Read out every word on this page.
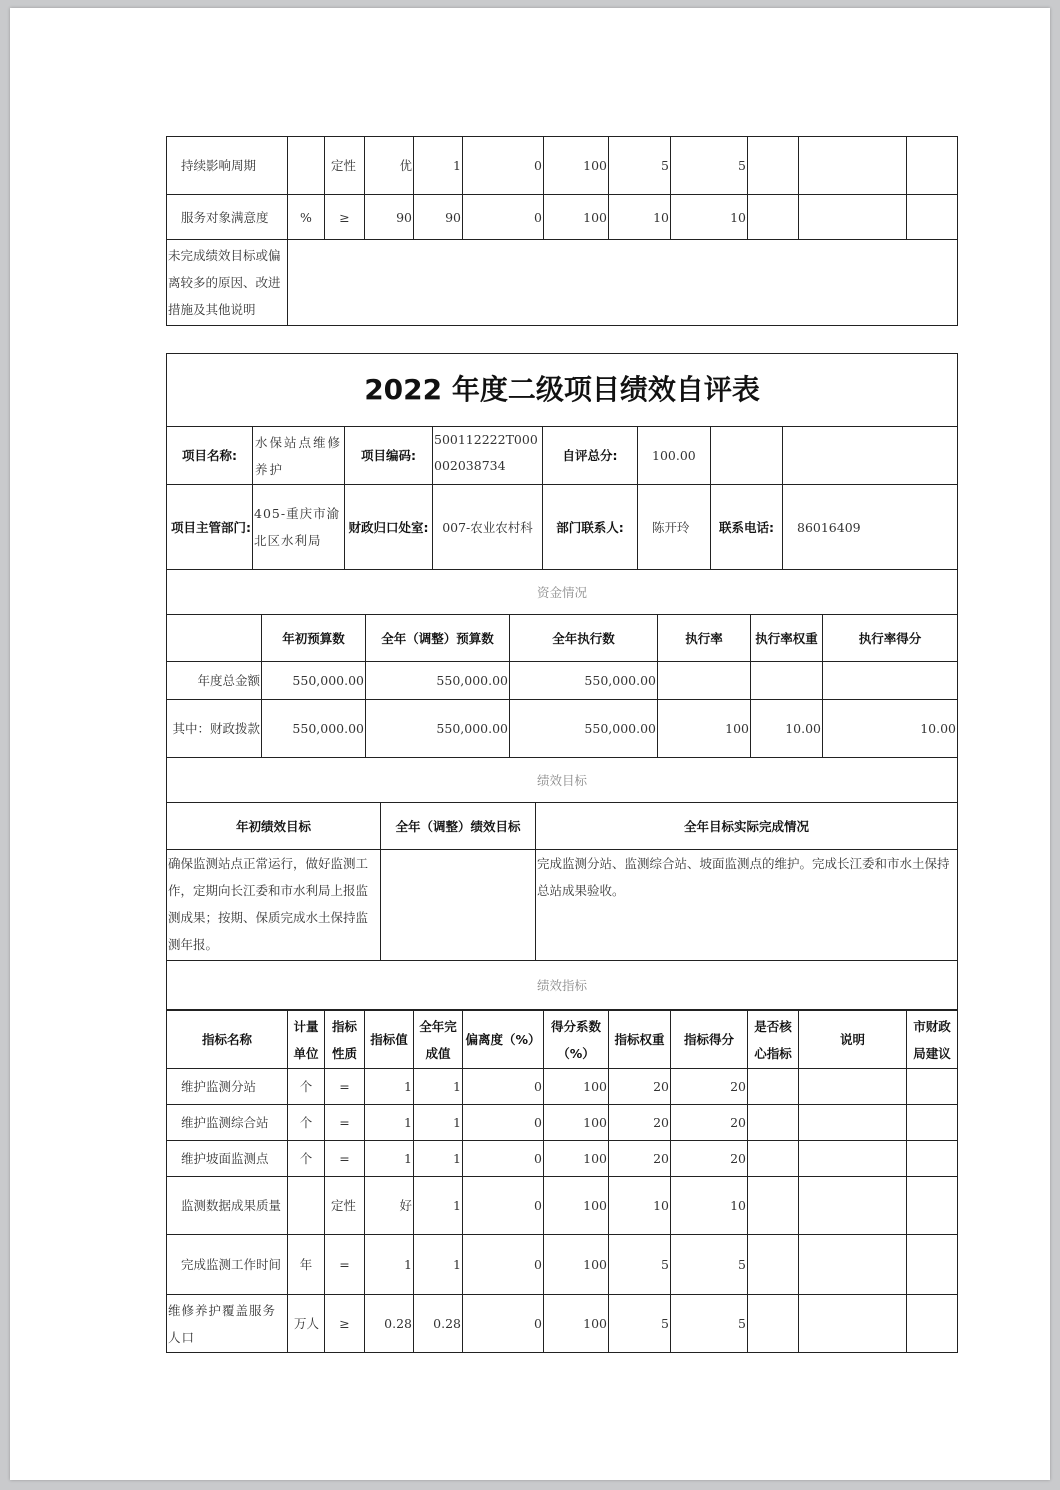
持续影响周期		定性	优	1	0	100	5	5			
服务对象满意度	%	≥	90	90	0	100	10	10			
未完成绩效目标或偏离较多的原因、改进措施及其他说明											
2022 年度二级项目绩效自评表							
项目名称:	水保站点维修养护	项目编码:	500112222T000002038734	自评总分:	100.00		
项目主管部门:	405-重庆市渝北区水利局	财政归口处室:	007-农业农村科	部门联系人:	陈开玲	联系电话:	86016409
资金情况							
	年初预算数	全年（调整）预算数	全年执行数	执行率	执行率权重	执行率得分
年度总金额	550,000.00	550,000.00	550,000.00			
其中：财政拨款	550,000.00	550,000.00	550,000.00	100	10.00	10.00
绩效目标						
年初绩效目标	全年（调整）绩效目标	全年目标实际完成情况
确保监测站点正常运行，做好监测工作，定期向长江委和市水利局上报监测成果；按期、保质完成水土保持监测年报。		完成监测分站、监测综合站、坡面监测点的维护。完成长江委和市水土保持总站成果验收。
绩效指标		
指标名称	计量单位	指标性质	指标值	全年完成值	偏离度（%）	得分系数（%）	指标权重	指标得分	是否核心指标	说明	市财政局建议
维护监测分站	个	=	1	1	0	100	20	20			
维护监测综合站	个	=	1	1	0	100	20	20			
维护坡面监测点	个	=	1	1	0	100	20	20			
监测数据成果质量		定性	好	1	0	100	10	10			
完成监测工作时间	年	=	1	1	0	100	5	5			
维修养护覆盖服务人口	万人	≥	0.28	0.28	0	100	5	5			
